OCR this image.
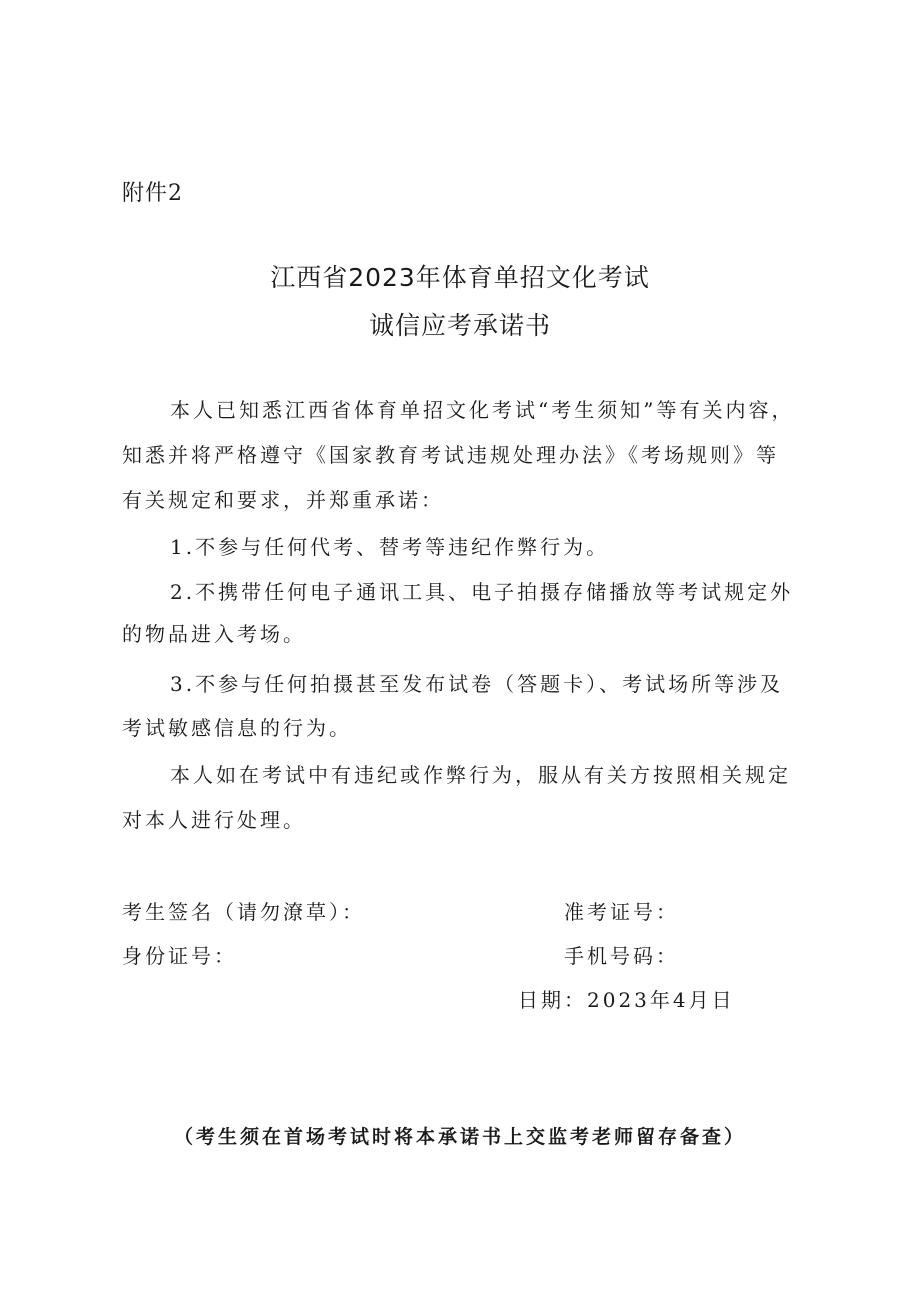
附件2
江西省2023年体育单招文化考试
诚信应考承诺书
本人已知悉江西省体育单招文化考试“考生须知”等有关内容，
知悉并将严格遵守《国家教育考试违规处理办法》《考场规则》等
有关规定和要求，并郑重承诺：
1.不参与任何代考、替考等违纪作弊行为。
2.不携带任何电子通讯工具、电子拍摄存储播放等考试规定外
的物品进入考场。
3.不参与任何拍摄甚至发布试卷（答题卡）、考试场所等涉及
考试敏感信息的行为。
本人如在考试中有违纪或作弊行为，服从有关方按照相关规定
对本人进行处理。
考生签名（请勿潦草）：	准考证号：
身份证号：	手机号码：
日期：2023年4月日
（考生须在首场考试时将本承诺书上交监考老师留存备查）
